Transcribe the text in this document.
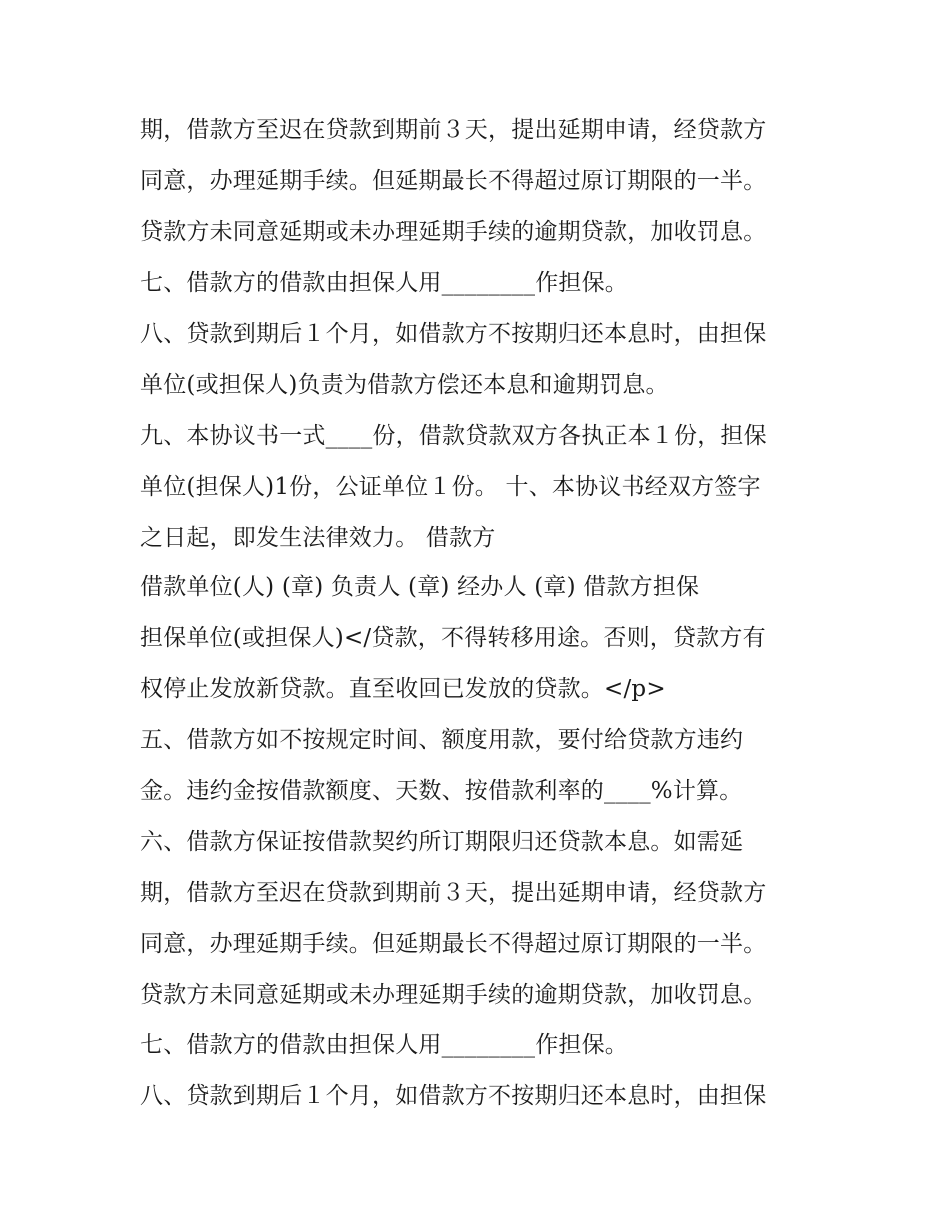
期，借款方至迟在贷款到期前３天，提出延期申请，经贷款方
同意，办理延期手续。但延期最长不得超过原订期限的一半。
贷款方未同意延期或未办理延期手续的逾期贷款，加收罚息。
七、借款方的借款由担保人用________作担保。
八、贷款到期后１个月，如借款方不按期归还本息时，由担保
单位(或担保人)负责为借款方偿还本息和逾期罚息。
九、本协议书一式____份，借款贷款双方各执正本１份，担保
单位(担保人)1份，公证单位１份。 十、本协议书经双方签字
之日起，即发生法律效力。 借款方
借款单位(人) (章) 负责人 (章) 经办人 (章) 借款方担保
担保单位(或担保人)</贷款，不得转移用途。否则，贷款方有
权停止发放新贷款。直至收回已发放的贷款。</p>
五、借款方如不按规定时间、额度用款，要付给贷款方违约
金。违约金按借款额度、天数、按借款利率的____%计算。
六、借款方保证按借款契约所订期限归还贷款本息。如需延
期，借款方至迟在贷款到期前３天，提出延期申请，经贷款方
同意，办理延期手续。但延期最长不得超过原订期限的一半。
贷款方未同意延期或未办理延期手续的逾期贷款，加收罚息。
七、借款方的借款由担保人用________作担保。
八、贷款到期后１个月，如借款方不按期归还本息时，由担保
